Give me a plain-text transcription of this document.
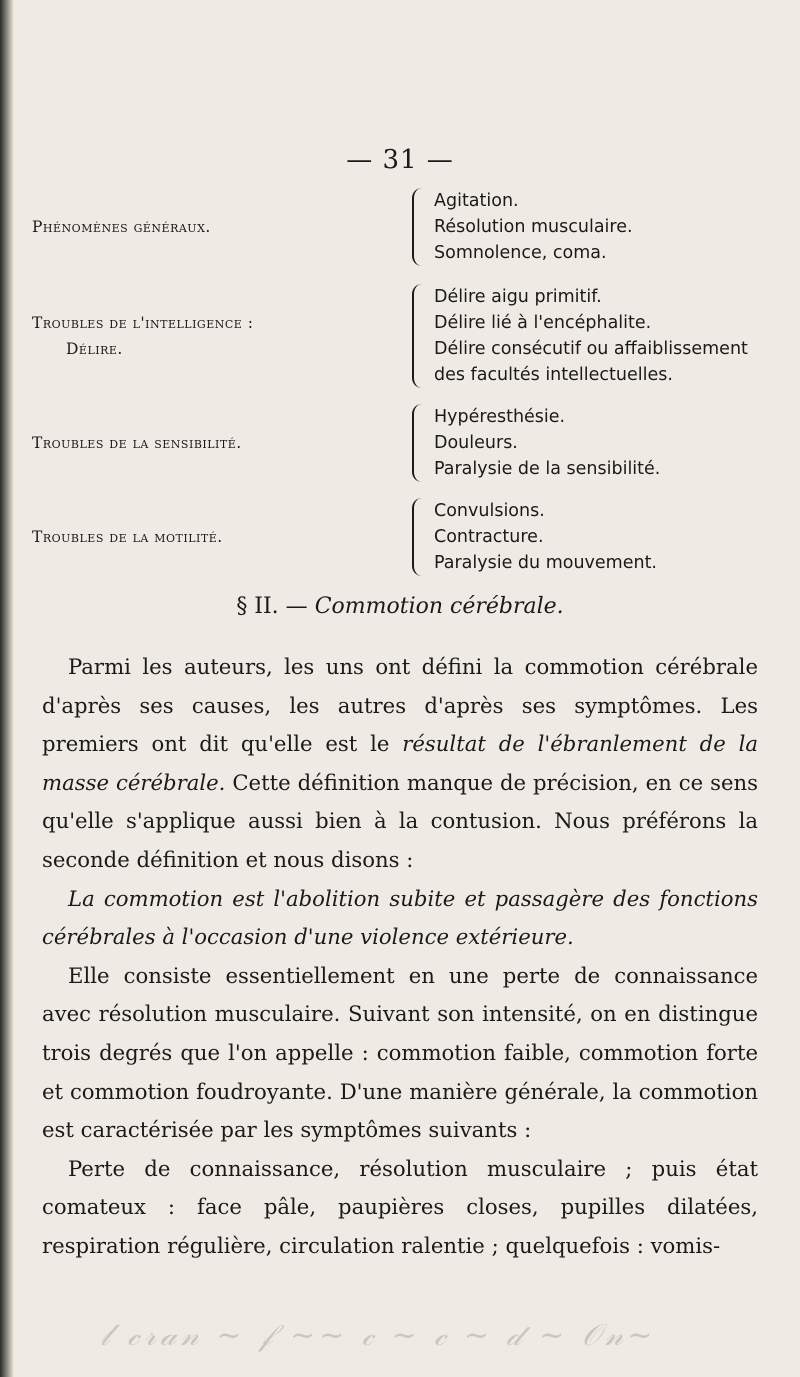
— 31 —
Phénomènes généraux.
Agitation.
Résolution musculaire.
Somnolence, coma.
Troubles de l'intelligence :
Délire.
Délire aigu primitif.
Délire lié à l'encéphalite.
Délire consécutif ou affaiblissement
des facultés intellectuelles.
Troubles de la sensibilité.
Hypéresthésie.
Douleurs.
Paralysie de la sensibilité.
Troubles de la motilité.
Convulsions.
Contracture.
Paralysie du mouvement.
§ II. — Commotion cérébrale.

Parmi les auteurs, les uns ont défini la commotion cérébrale d'après ses causes, les autres d'après ses symptômes. Les premiers ont dit qu'elle est le résultat de l'ébranlement de la masse cérébrale. Cette définition manque de précision, en ce sens qu'elle s'applique aussi bien à la contusion. Nous préférons la seconde définition et nous disons :

La commotion est l'abolition subite et passagère des fonctions cérébrales à l'occasion d'une violence extérieure.

Elle consiste essentiellement en une perte de connaissance avec résolution musculaire. Suivant son intensité, on en distingue trois degrés que l'on appelle : commotion faible, commotion forte et commotion foudroyante. D'une manière générale, la commotion est caractérisée par les symptômes suivants :

Perte de connaissance, résolution musculaire ; puis état comateux : face pâle, paupières closes, pupilles dilatées, respiration régulière, circulation ralentie ; quelquefois : vomis-

𝓁 𝒸𝓇𝒶𝓃 ~ 𝒻 ~~ 𝒸 ~ 𝒸 ~ 𝒹 ~ 𝒪𝓃~
